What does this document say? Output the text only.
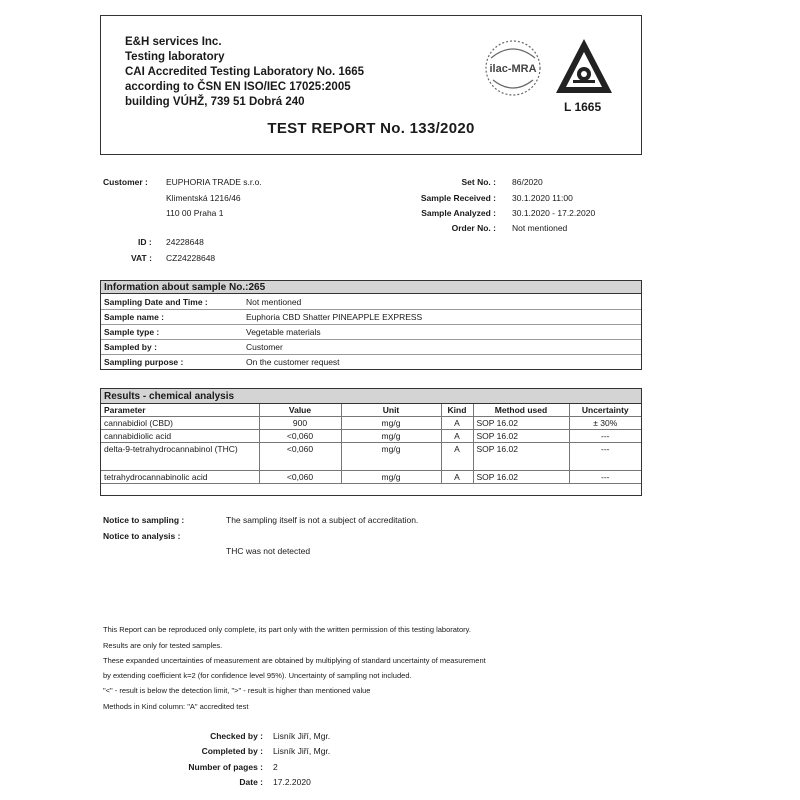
E&H services Inc.
Testing laboratory
CAI Accredited Testing Laboratory No. 1665
according to ČSN EN ISO/IEC 17025:2005
building VÚHŽ, 739 51 Dobrá 240
ilac-MRA
L 1665
TEST REPORT No. 133/2020
Customer : EUPHORIA TRADE s.r.o.
Klimentská 1216/46
110 00 Praha 1
ID : 24228648
VAT : CZ24228648
Set No. : 86/2020
Sample Received : 30.1.2020 11:00
Sample Analyzed : 30.1.2020 - 17.2.2020
Order No. : Not mentioned
Information about sample No.:265
Sampling Date and Time :	Not mentioned
Sample name :	Euphoria CBD Shatter PINEAPPLE EXPRESS
Sample type :	Vegetable materials
Sampled by :	Customer
Sampling purpose :	On the customer request
Results - chemical analysis
Parameter	Value	Unit	Kind	Method used	Uncertainty
cannabidiol (CBD)	900	mg/g	A	SOP 16.02	± 30%
cannabidiolic acid	<0,060	mg/g	A	SOP 16.02	---
delta-9-tetrahydrocannabinol (THC)	<0,060	mg/g	A	SOP 16.02	---
tetrahydrocannabinolic acid	<0,060	mg/g	A	SOP 16.02	---
Notice to sampling :	The sampling itself is not a subject of accreditation.
Notice to analysis :
THC was not detected
This Report can be reproduced only complete, its part only with the written permission of this testing laboratory.
Results are only for tested samples.
These expanded uncertainties of measurement are obtained by multiplying of standard uncertainty of measurement
by extending coefficient k=2 (for confidence level 95%). Uncertainty of sampling not included.
"<" - result is below the detection limit, ">" - result is higher than mentioned value
Methods in Kind column: "A" accredited test
Checked by : Lisník Jiří, Mgr.
Completed by : Lisník Jiří, Mgr.
Number of pages : 2
Date : 17.2.2020
